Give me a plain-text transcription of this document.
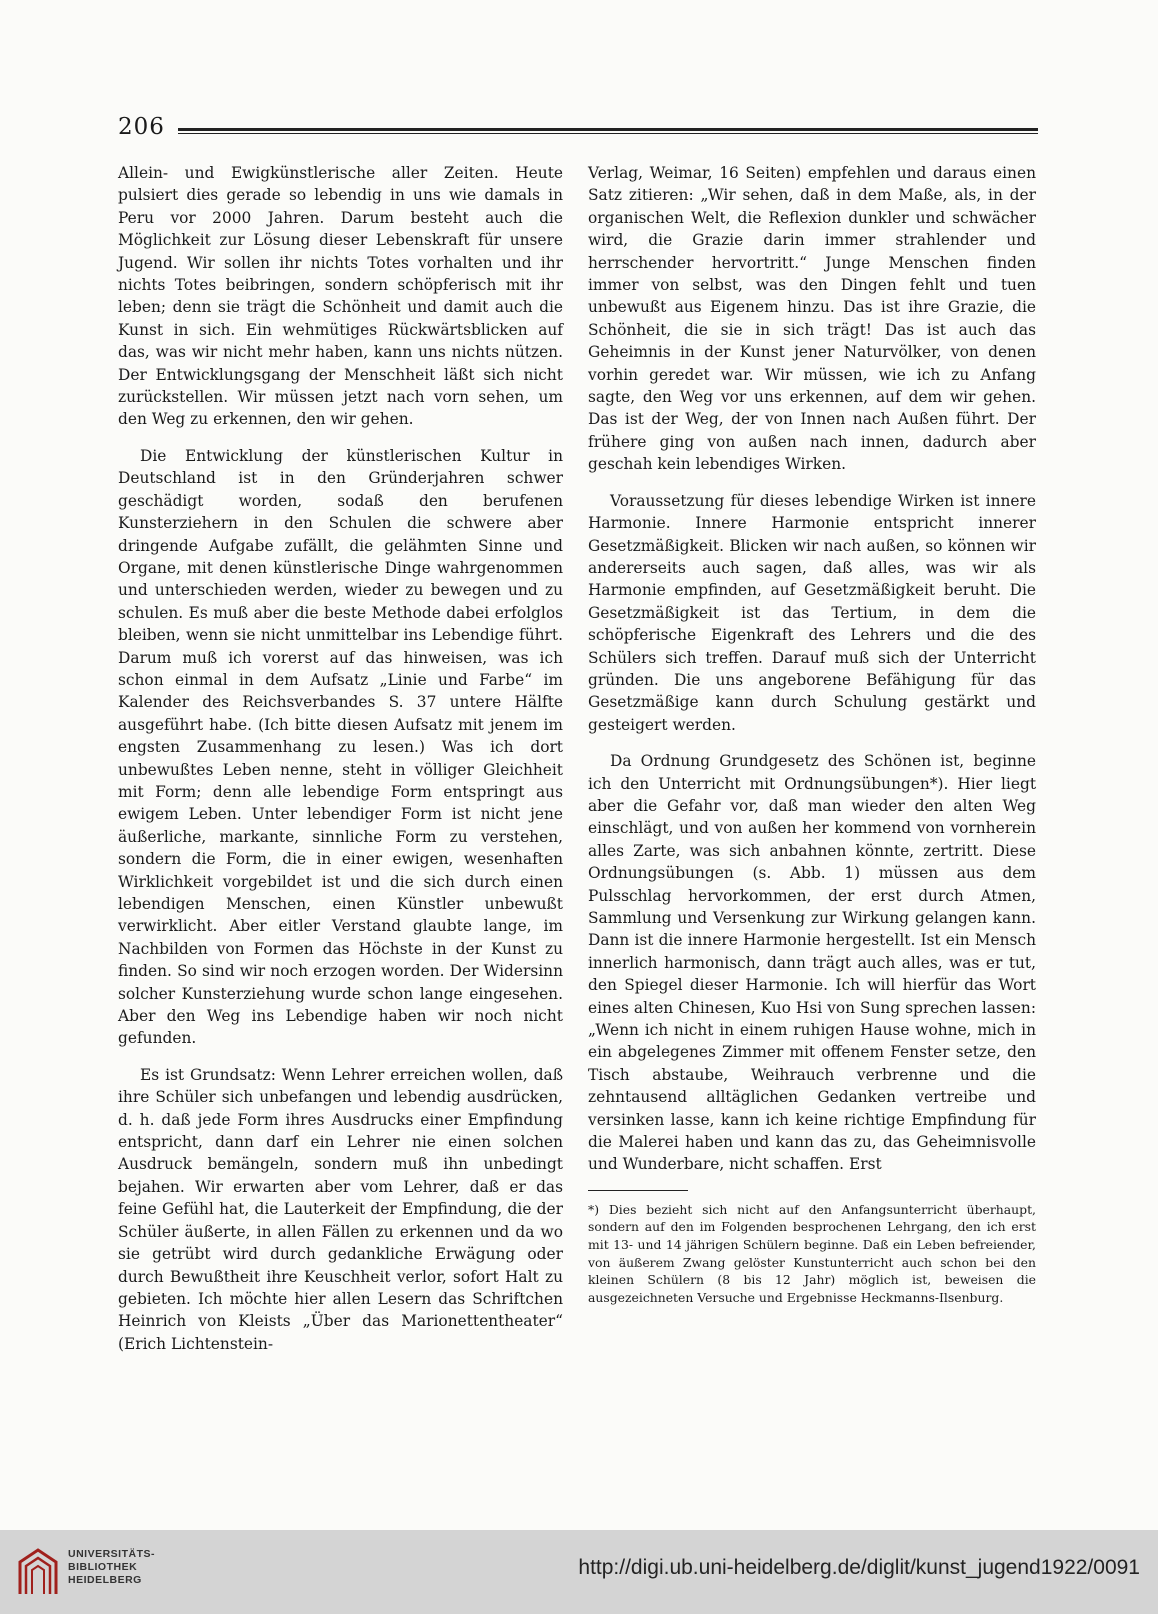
206

Allein- und Ewigkünstlerische aller Zeiten. Heute pulsiert dies gerade so lebendig in uns wie damals in Peru vor 2000 Jahren. Darum besteht auch die Möglichkeit zur Lösung dieser Lebenskraft für unsere Jugend. Wir sollen ihr nichts Totes vorhalten und ihr nichts Totes beibringen, sondern schöpferisch mit ihr leben; denn sie trägt die Schönheit und damit auch die Kunst in sich. Ein wehmütiges Rückwärtsblicken auf das, was wir nicht mehr haben, kann uns nichts nützen. Der Entwicklungsgang der Menschheit läßt sich nicht zurückstellen. Wir müssen jetzt nach vorn sehen, um den Weg zu erkennen, den wir gehen.

Die Entwicklung der künstlerischen Kultur in Deutschland ist in den Gründerjahren schwer geschädigt worden, sodaß den berufenen Kunsterziehern in den Schulen die schwere aber dringende Aufgabe zufällt, die gelähmten Sinne und Organe, mit denen künstlerische Dinge wahrgenommen und unterschieden werden, wieder zu bewegen und zu schulen. Es muß aber die beste Methode dabei erfolglos bleiben, wenn sie nicht unmittelbar ins Lebendige führt. Darum muß ich vorerst auf das hinweisen, was ich schon einmal in dem Aufsatz „Linie und Farbe“ im Kalender des Reichsverbandes S. 37 untere Hälfte ausgeführt habe. (Ich bitte diesen Aufsatz mit jenem im engsten Zusammenhang zu lesen.) Was ich dort unbewußtes Leben nenne, steht in völliger Gleichheit mit Form; denn alle lebendige Form entspringt aus ewigem Leben. Unter lebendiger Form ist nicht jene äußerliche, markante, sinnliche Form zu verstehen, sondern die Form, die in einer ewigen, wesenhaften Wirklichkeit vorgebildet ist und die sich durch einen lebendigen Menschen, einen Künstler unbewußt verwirklicht. Aber eitler Verstand glaubte lange, im Nachbilden von Formen das Höchste in der Kunst zu finden. So sind wir noch erzogen worden. Der Widersinn solcher Kunsterziehung wurde schon lange eingesehen. Aber den Weg ins Lebendige haben wir noch nicht gefunden.

Es ist Grundsatz: Wenn Lehrer erreichen wollen, daß ihre Schüler sich unbefangen und lebendig ausdrücken, d. h. daß jede Form ihres Ausdrucks einer Empfindung entspricht, dann darf ein Lehrer nie einen solchen Ausdruck bemängeln, sondern muß ihn unbedingt bejahen. Wir erwarten aber vom Lehrer, daß er das feine Gefühl hat, die Lauterkeit der Empfindung, die der Schüler äußerte, in allen Fällen zu erkennen und da wo sie getrübt wird durch gedankliche Erwägung oder durch Bewußtheit ihre Keuschheit verlor, sofort Halt zu gebieten. Ich möchte hier allen Lesern das Schriftchen Heinrich von Kleists „Über das Marionettentheater“ (Erich Lichtenstein-

Verlag, Weimar, 16 Seiten) empfehlen und daraus einen Satz zitieren: „Wir sehen, daß in dem Maße, als, in der organischen Welt, die Reflexion dunkler und schwächer wird, die Grazie darin immer strahlender und herrschender hervortritt.“ Junge Menschen finden immer von selbst, was den Dingen fehlt und tuen unbewußt aus Eigenem hinzu. Das ist ihre Grazie, die Schönheit, die sie in sich trägt! Das ist auch das Geheimnis in der Kunst jener Naturvölker, von denen vorhin geredet war. Wir müssen, wie ich zu Anfang sagte, den Weg vor uns erkennen, auf dem wir gehen. Das ist der Weg, der von Innen nach Außen führt. Der frühere ging von außen nach innen, dadurch aber geschah kein lebendiges Wirken.

Voraussetzung für dieses lebendige Wirken ist innere Harmonie. Innere Harmonie entspricht innerer Gesetzmäßigkeit. Blicken wir nach außen, so können wir andererseits auch sagen, daß alles, was wir als Harmonie empfinden, auf Gesetzmäßigkeit beruht. Die Gesetzmäßigkeit ist das Tertium, in dem die schöpferische Eigenkraft des Lehrers und die des Schülers sich treffen. Darauf muß sich der Unterricht gründen. Die uns angeborene Befähigung für das Gesetzmäßige kann durch Schulung gestärkt und gesteigert werden.

Da Ordnung Grundgesetz des Schönen ist, beginne ich den Unterricht mit Ordnungsübungen*). Hier liegt aber die Gefahr vor, daß man wieder den alten Weg einschlägt, und von außen her kommend von vornherein alles Zarte, was sich anbahnen könnte, zertritt. Diese Ordnungsübungen (s. Abb. 1) müssen aus dem Pulsschlag hervorkommen, der erst durch Atmen, Sammlung und Versenkung zur Wirkung gelangen kann. Dann ist die innere Harmonie hergestellt. Ist ein Mensch innerlich harmonisch, dann trägt auch alles, was er tut, den Spiegel dieser Harmonie. Ich will hierfür das Wort eines alten Chinesen, Kuo Hsi von Sung sprechen lassen: „Wenn ich nicht in einem ruhigen Hause wohne, mich in ein abgelegenes Zimmer mit offenem Fenster setze, den Tisch abstaube, Weihrauch verbrenne und die zehntausend alltäglichen Gedanken vertreibe und versinken lasse, kann ich keine richtige Empfindung für die Malerei haben und kann das zu, das Geheimnisvolle und Wunderbare, nicht schaffen. Erst

*) Dies bezieht sich nicht auf den Anfangsunterricht überhaupt, sondern auf den im Folgenden besprochenen Lehrgang, den ich erst mit 13- und 14 jährigen Schülern beginne. Daß ein Leben befreiender, von äußerem Zwang gelöster Kunstunterricht auch schon bei den kleinen Schülern (8 bis 12 Jahr) möglich ist, beweisen die ausgezeichneten Versuche und Ergebnisse Heckmanns-Ilsenburg.

UNIVERSITÄTS-
BIBLIOTHEK
HEIDELBERG
http://digi.ub.uni-heidelberg.de/diglit/kunst_jugend1922/0091
